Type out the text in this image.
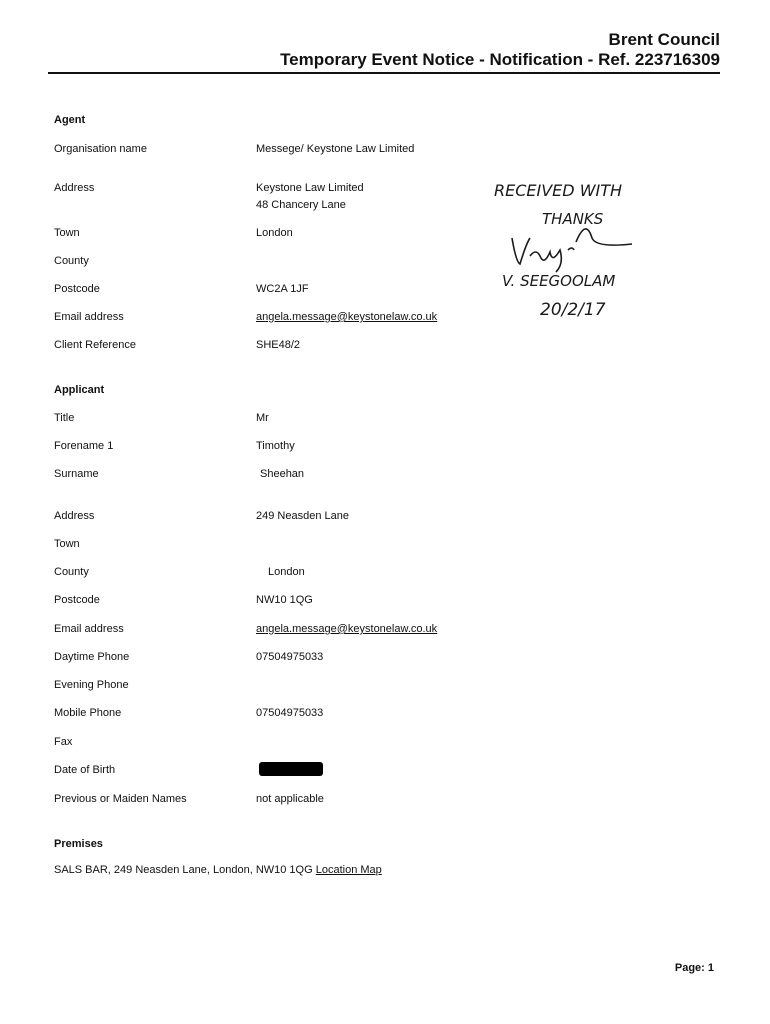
Brent Council
Temporary Event Notice - Notification - Ref. 223716309
Agent
Organisation name	Messege/ Keystone Law Limited
Address	Keystone Law Limited
48 Chancery Lane
Town	London
County
Postcode	WC2A 1JF
Email address	angela.message@keystonelaw.co.uk
Client Reference	SHE48/2
RECEIVED WITH
THANKS
V. SEEGOOLAM
20/2/17
Applicant
Title	Mr
Forename 1	Timothy
Surname	Sheehan
Address	249 Neasden Lane
Town
County	London
Postcode	NW10 1QG
Email address	angela.message@keystonelaw.co.uk
Daytime Phone	07504975033
Evening Phone
Mobile Phone	07504975033
Fax
Date of Birth
Previous or Maiden Names	not applicable
Premises
SALS BAR, 249 Neasden Lane, London, NW10 1QG Location Map
Page: 1
